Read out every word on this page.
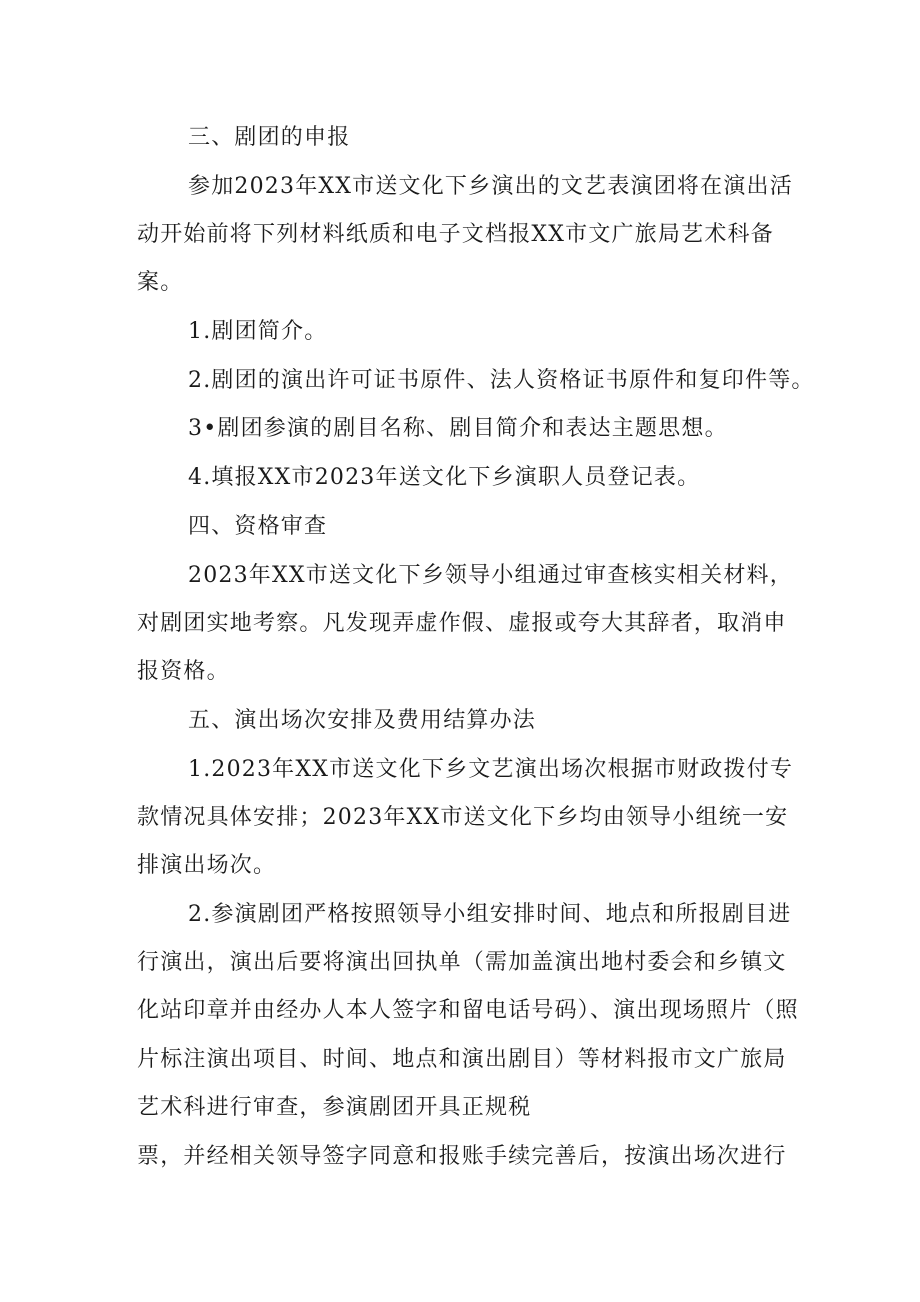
三、剧团的申报
参加2023年XX市送文化下乡演出的文艺表演团将在演出活
动开始前将下列材料纸质和电子文档报XX市文广旅局艺术科备
案。
1.剧团简介。
2.剧团的演出许可证书原件、法人资格证书原件和复印件等。
3•剧团参演的剧目名称、剧目简介和表达主题思想。
4.填报XX市2023年送文化下乡演职人员登记表。
四、资格审查
2023年XX市送文化下乡领导小组通过审查核实相关材料，
对剧团实地考察。凡发现弄虚作假、虚报或夸大其辞者，取消申
报资格。
五、演出场次安排及费用结算办法
1.2023年XX市送文化下乡文艺演出场次根据市财政拨付专
款情况具体安排；2023年XX市送文化下乡均由领导小组统一安
排演出场次。
2.参演剧团严格按照领导小组安排时间、地点和所报剧目进
行演出，演出后要将演出回执单（需加盖演出地村委会和乡镇文
化站印章并由经办人本人签字和留电话号码）、演出现场照片（照
片标注演出项目、时间、地点和演出剧目）等材料报市文广旅局
艺术科进行审查，参演剧团开具正规税
票，并经相关领导签字同意和报账手续完善后，按演出场次进行
